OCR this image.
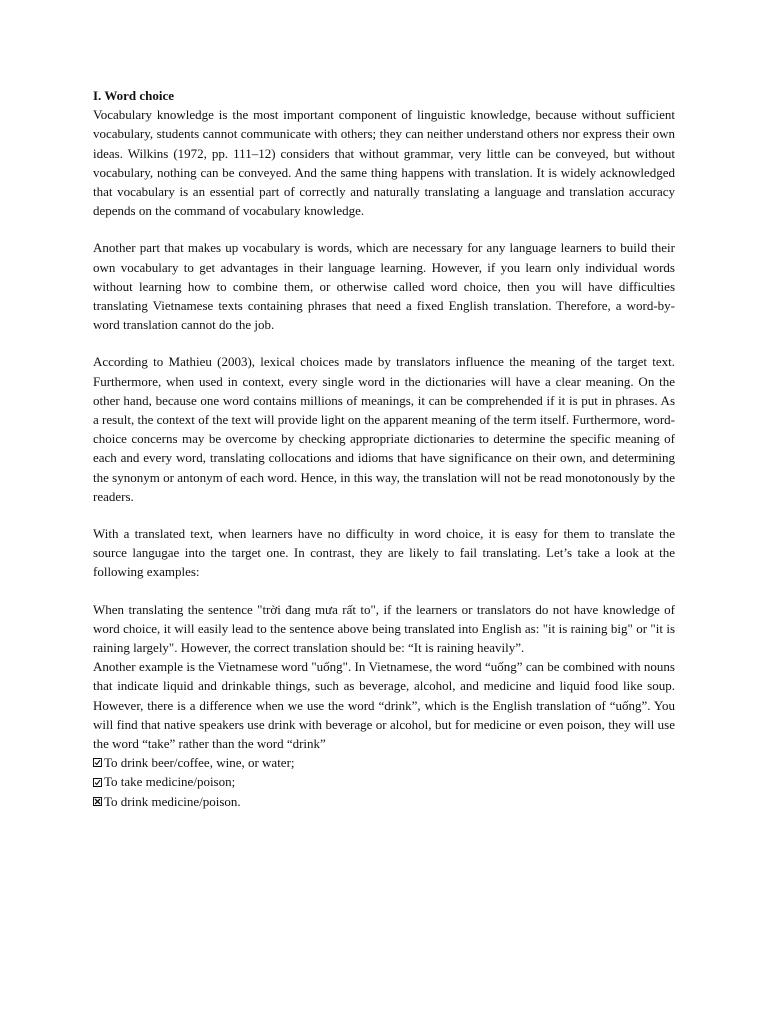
I. Word choice

Vocabulary knowledge is the most important component of linguistic knowledge, because without sufficient vocabulary, students cannot communicate with others; they can neither understand others nor express their own ideas. Wilkins (1972, pp. 111–12) considers that without grammar, very little can be conveyed, but without vocabulary, nothing can be conveyed. And the same thing happens with translation. It is widely acknowledged that vocabulary is an essential part of correctly and naturally translating a language and translation accuracy depends on the command of vocabulary knowledge.

Another part that makes up vocabulary is words, which are necessary for any language learners to build their own vocabulary to get advantages in their language learning. However, if you learn only individual words without learning how to combine them, or otherwise called word choice, then you will have difficulties translating Vietnamese texts containing phrases that need a fixed English translation. Therefore, a word-by-word translation cannot do the job.

According to Mathieu (2003), lexical choices made by translators influence the meaning of the target text. Furthermore, when used in context, every single word in the dictionaries will have a clear meaning. On the other hand, because one word contains millions of meanings, it can be comprehended if it is put in phrases. As a result, the context of the text will provide light on the apparent meaning of the term itself. Furthermore, word-choice concerns may be overcome by checking appropriate dictionaries to determine the specific meaning of each and every word, translating collocations and idioms that have significance on their own, and determining the synonym or antonym of each word. Hence, in this way, the translation will not be read monotonously by the readers.

With a translated text, when learners have no difficulty in word choice, it is easy for them to translate the source langugae into the target one. In contrast, they are likely to fail translating. Let’s take a look at the following examples:

When translating the sentence "trời đang mưa rất to", if the learners or translators do not have knowledge of word choice, it will easily lead to the sentence above being translated into English as: "it is raining big" or "it is raining largely". However, the correct translation should be: “It is raining heavily”.

Another example is the Vietnamese word "uống". In Vietnamese, the word “uống” can be combined with nouns that indicate liquid and drinkable things, such as beverage, alcohol, and medicine and liquid food like soup. However, there is a difference when we use the word “drink”, which is the English translation of “uống”. You will find that native speakers use drink with beverage or alcohol, but for medicine or even poison, they will use the word “take” rather than the word “drink”

To drink beer/coffee, wine, or water;
To take medicine/poison;
To drink medicine/poison.
